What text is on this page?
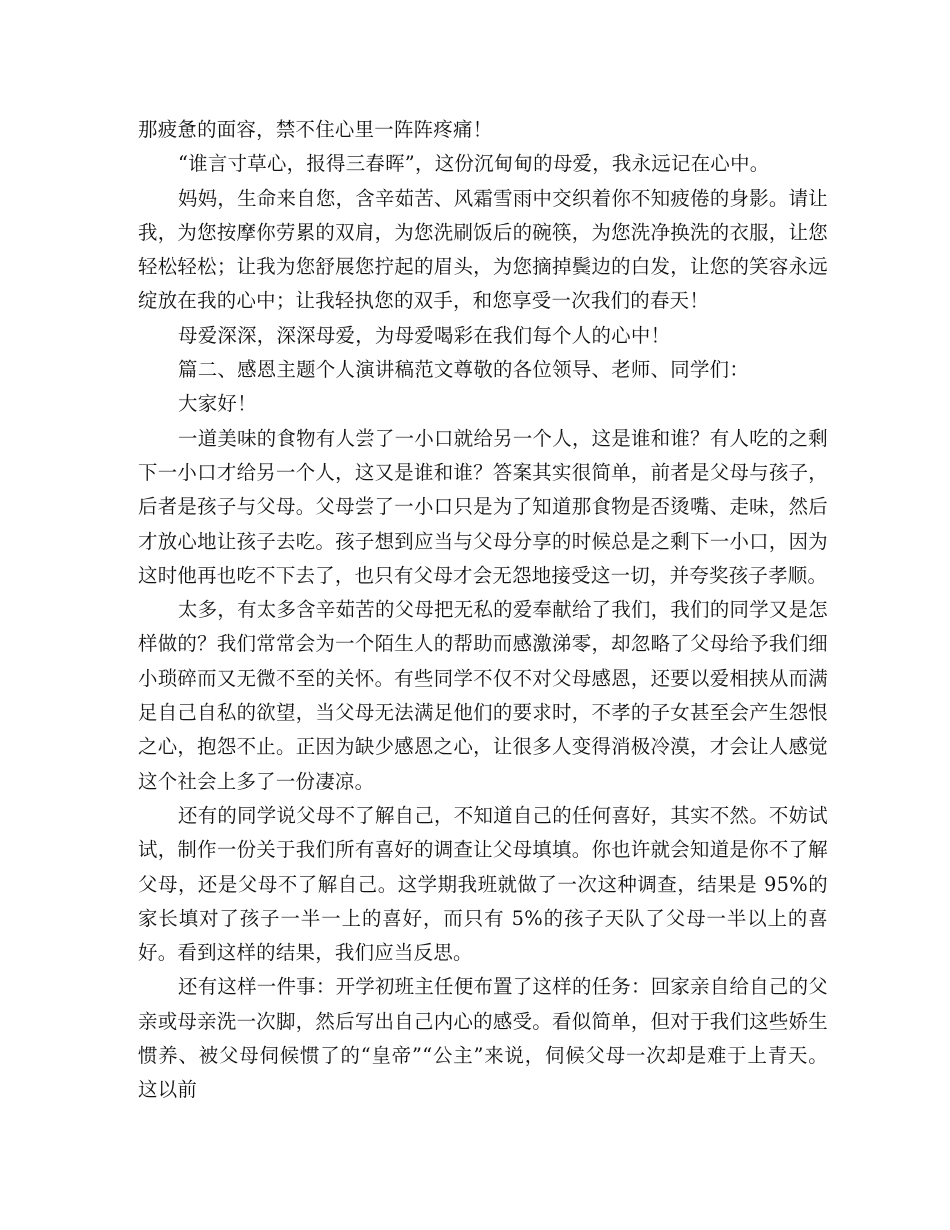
那疲惫的面容，禁不住心里一阵阵疼痛！

“谁言寸草心，报得三春晖”，这份沉甸甸的母爱，我永远记在心中。

妈妈，生命来自您，含辛茹苦、风霜雪雨中交织着你不知疲倦的身影。请让我，为您按摩你劳累的双肩，为您洗刷饭后的碗筷，为您洗净换洗的衣服，让您轻松轻松；让我为您舒展您拧起的眉头，为您摘掉鬓边的白发，让您的笑容永远绽放在我的心中；让我轻执您的双手，和您享受一次我们的春天！

母爱深深，深深母爱，为母爱喝彩在我们每个人的心中！

篇二、感恩主题个人演讲稿范文尊敬的各位领导、老师、同学们：

大家好！

一道美味的食物有人尝了一小口就给另一个人，这是谁和谁？有人吃的之剩下一小口才给另一个人，这又是谁和谁？答案其实很简单，前者是父母与孩子，后者是孩子与父母。父母尝了一小口只是为了知道那食物是否烫嘴、走味，然后才放心地让孩子去吃。孩子想到应当与父母分享的时候总是之剩下一小口，因为这时他再也吃不下去了，也只有父母才会无怨地接受这一切，并夸奖孩子孝顺。

太多，有太多含辛茹苦的父母把无私的爱奉献给了我们，我们的同学又是怎样做的？我们常常会为一个陌生人的帮助而感激涕零，却忽略了父母给予我们细小琐碎而又无微不至的关怀。有些同学不仅不对父母感恩，还要以爱相挟从而满足自己自私的欲望，当父母无法满足他们的要求时，不孝的子女甚至会产生怨恨之心，抱怨不止。正因为缺少感恩之心，让很多人变得消极冷漠，才会让人感觉这个社会上多了一份凄凉。

还有的同学说父母不了解自己，不知道自己的任何喜好，其实不然。不妨试试，制作一份关于我们所有喜好的调查让父母填填。你也许就会知道是你不了解父母，还是父母不了解自己。这学期我班就做了一次这种调查，结果是 95%的家长填对了孩子一半一上的喜好，而只有 5%的孩子天队了父母一半以上的喜好。看到这样的结果，我们应当反思。

还有这样一件事：开学初班主任便布置了这样的任务：回家亲自给自己的父亲或母亲洗一次脚，然后写出自己内心的感受。看似简单，但对于我们这些娇生惯养、被父母伺候惯了的“皇帝”“公主”来说，伺候父母一次却是难于上青天。这以前
